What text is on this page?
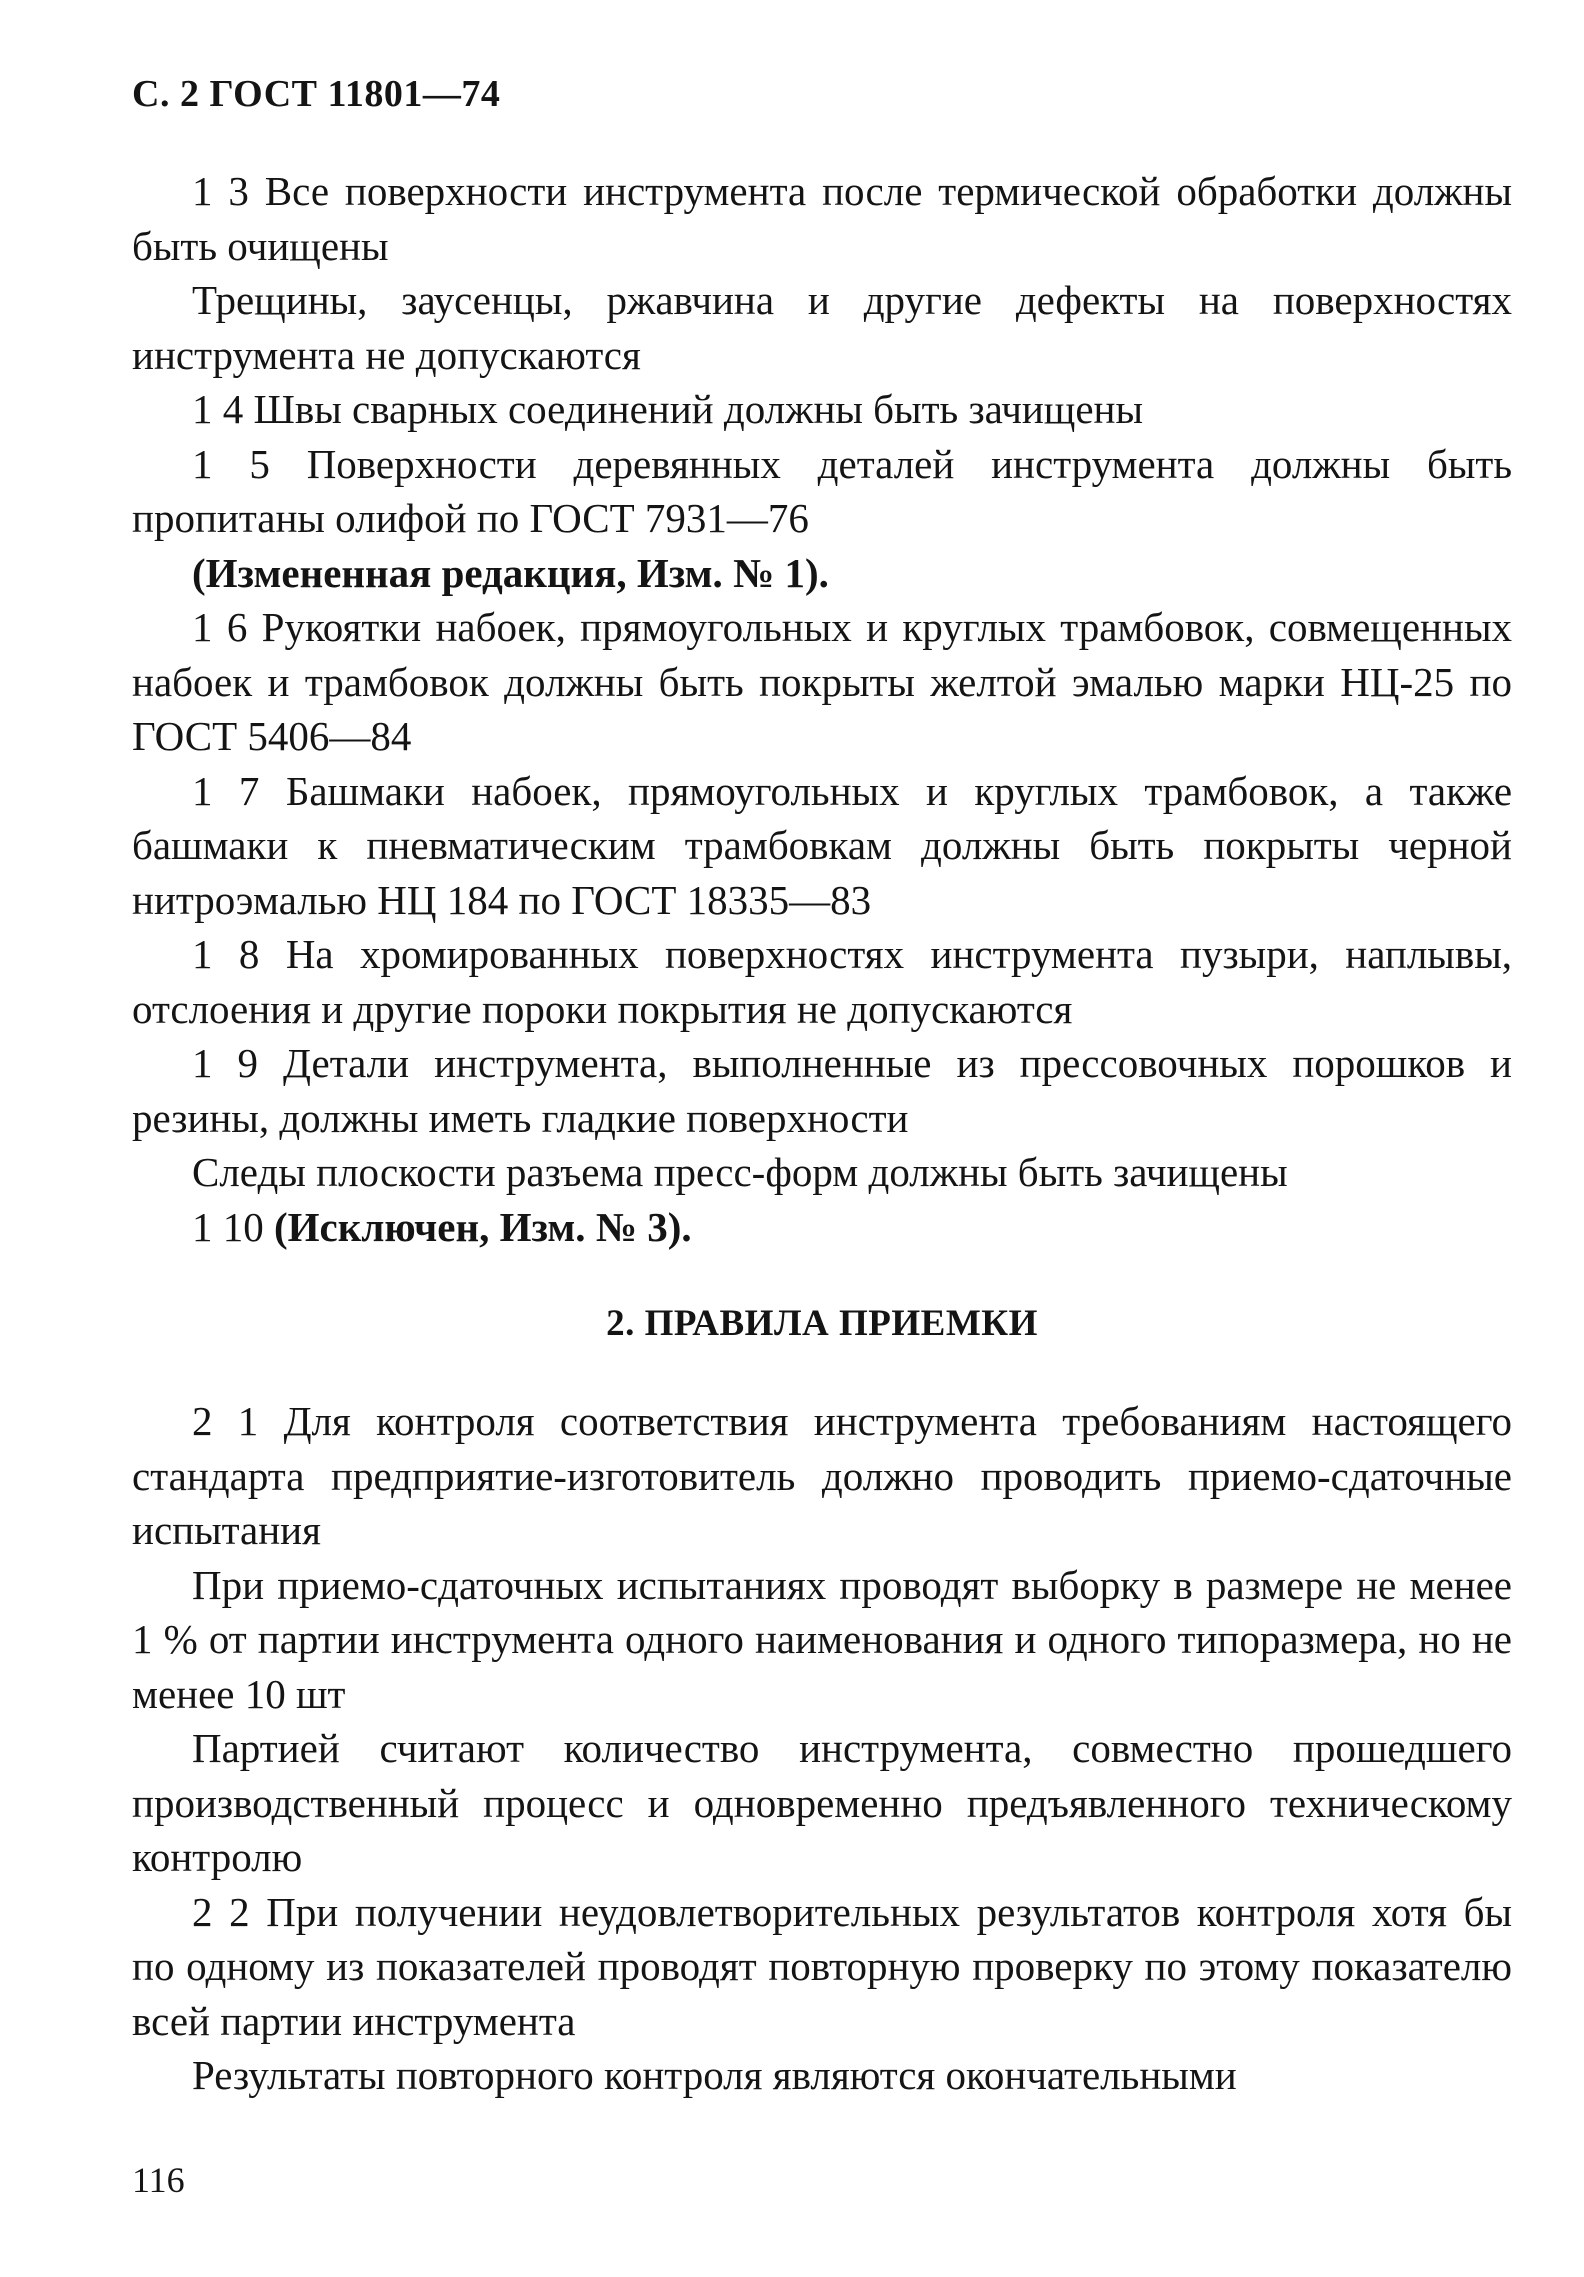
С. 2 ГОСТ 11801—74

1 3 Все поверхности инструмента после термической обработки должны быть очищены

Трещины, заусенцы, ржавчина и другие дефекты на поверхностях инструмента не допускаются

1 4 Швы сварных соединений должны быть зачищены

1 5 Поверхности деревянных деталей инструмента должны быть пропитаны олифой по ГОСТ 7931—76

(Измененная редакция, Изм. № 1).

1 6 Рукоятки набоек, прямоугольных и круглых трамбовок, совмещенных набоек и трамбовок должны быть покрыты желтой эмалью марки НЦ-25 по ГОСТ 5406—84

1 7 Башмаки набоек, прямоугольных и круглых трамбовок, а также башмаки к пневматическим трамбовкам должны быть покрыты черной нитроэмалью НЦ 184 по ГОСТ 18335—83

1 8 На хромированных поверхностях инструмента пузыри, наплывы, отслоения и другие пороки покрытия не допускаются

1 9 Детали инструмента, выполненные из прессовочных порошков и резины, должны иметь гладкие поверхности

Следы плоскости разъема пресс-форм должны быть зачищены

1 10 (Исключен, Изм. № 3).

2. ПРАВИЛА ПРИЕМКИ

2 1 Для контроля соответствия инструмента требованиям настоящего стандарта предприятие-изготовитель должно проводить приемо-сдаточные испытания

При приемо-сдаточных испытаниях проводят выборку в размере не менее 1 % от партии инструмента одного наименования и одного типоразмера, но не менее 10 шт

Партией считают количество инструмента, совместно прошедшего производственный процесс и одновременно предъявленного техническому контролю

2 2 При получении неудовлетворительных результатов контроля хотя бы по одному из показателей проводят повторную проверку по этому показателю всей партии инструмента

Результаты повторного контроля являются окончательными

116
